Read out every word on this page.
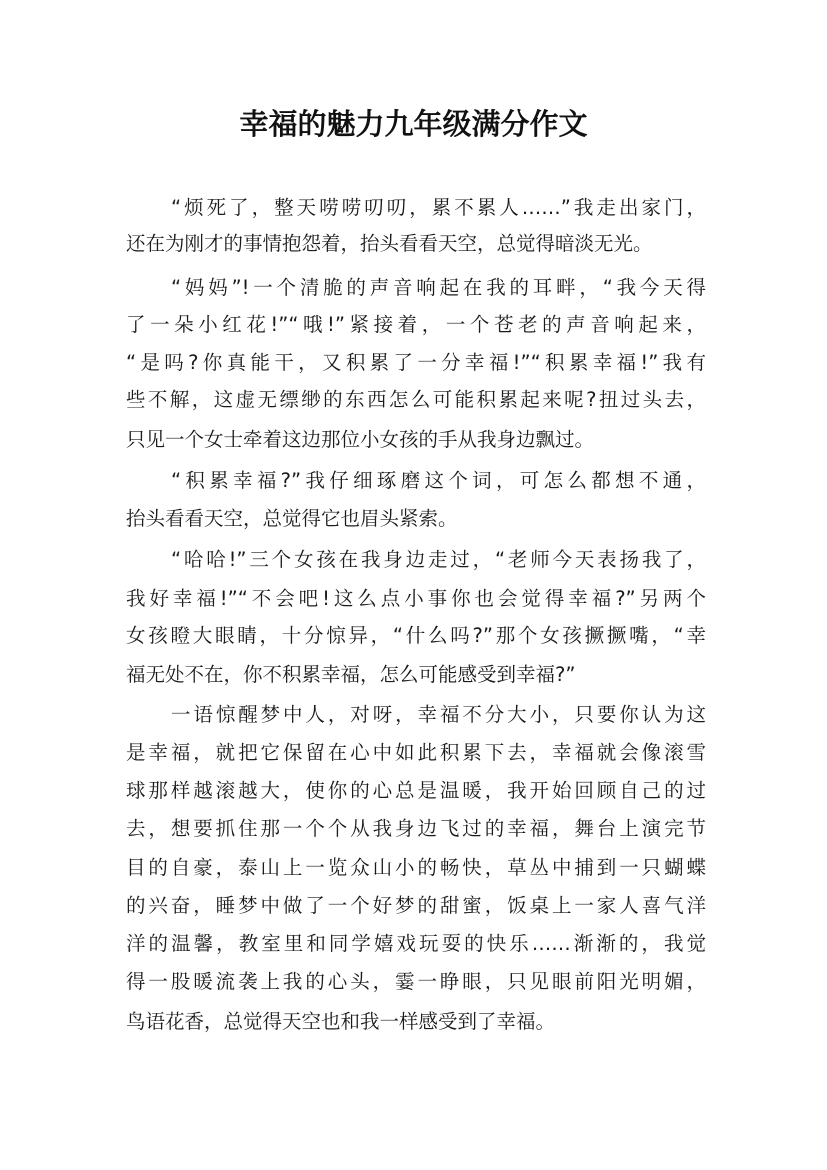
幸福的魅力九年级满分作文
“烦死了，整天唠唠叨叨，累不累人……”我走出家门，
还在为刚才的事情抱怨着，抬头看看天空，总觉得暗淡无光。
“妈妈”!一个清脆的声音响起在我的耳畔，“我今天得
了一朵小红花!”“哦!”紧接着，一个苍老的声音响起来，
“是吗?你真能干，又积累了一分幸福!”“积累幸福!”我有
些不解，这虚无缥缈的东西怎么可能积累起来呢?扭过头去，
只见一个女士牵着这边那位小女孩的手从我身边飘过。
“积累幸福?”我仔细琢磨这个词，可怎么都想不通，
抬头看看天空，总觉得它也眉头紧索。
“哈哈!”三个女孩在我身边走过，“老师今天表扬我了，
我好幸福!”“不会吧!这么点小事你也会觉得幸福?”另两个
女孩瞪大眼睛，十分惊异，“什么吗?”那个女孩撅撅嘴，“幸
福无处不在，你不积累幸福，怎么可能感受到幸福?”
一语惊醒梦中人，对呀，幸福不分大小，只要你认为这
是幸福，就把它保留在心中如此积累下去，幸福就会像滚雪
球那样越滚越大，使你的心总是温暖，我开始回顾自己的过
去，想要抓住那一个个从我身边飞过的幸福，舞台上演完节
目的自豪，泰山上一览众山小的畅快，草丛中捕到一只蝴蝶
的兴奋，睡梦中做了一个好梦的甜蜜，饭桌上一家人喜气洋
洋的温馨，教室里和同学嬉戏玩耍的快乐……渐渐的，我觉
得一股暖流袭上我的心头，霎一睁眼，只见眼前阳光明媚，
鸟语花香，总觉得天空也和我一样感受到了幸福。
